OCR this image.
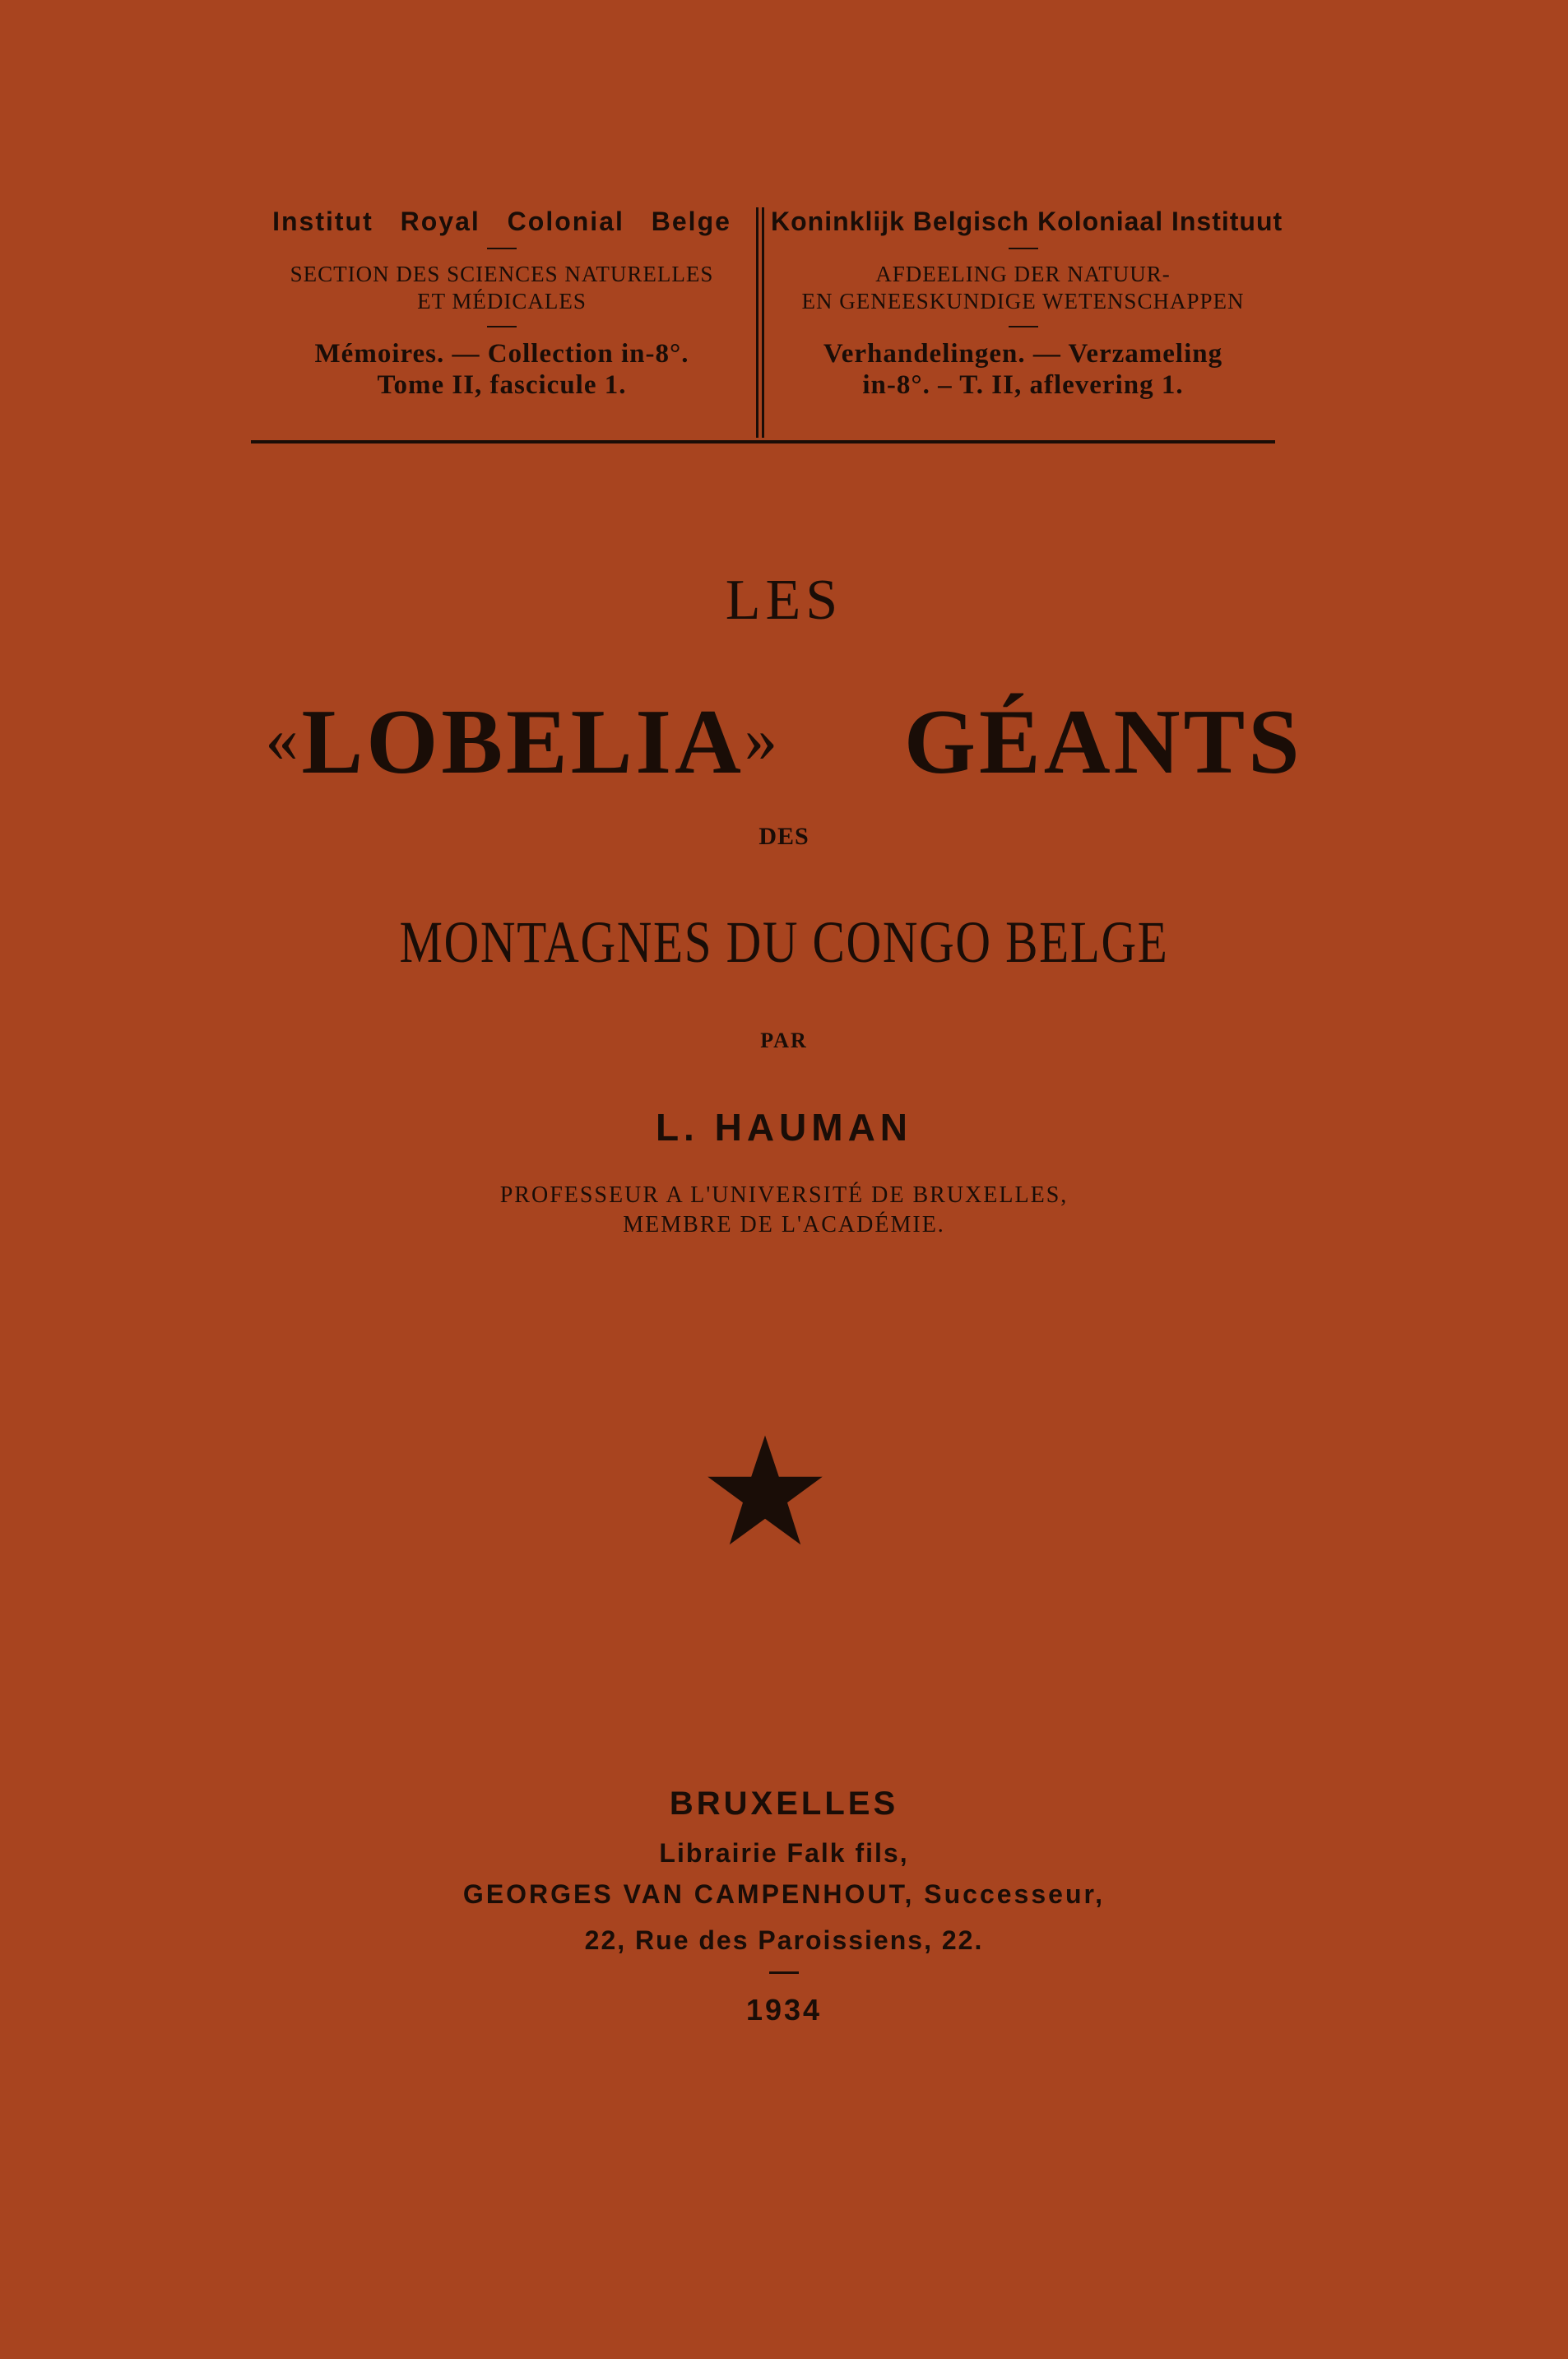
Institut Royal Colonial Belge
SECTION DES SCIENCES NATURELLES
ET MÉDICALES
Mémoires. — Collection in-8°.
Tome II, fascicule 1.
Koninklijk Belgisch Koloniaal Instituut
AFDEELING DER NATUUR-
EN GENEESKUNDIGE WETENSCHAPPEN
Verhandelingen. — Verzameling
in-8°. – T. II, aflevering 1.
LES
«LOBELIA» GÉANTS
DES
MONTAGNES DU CONGO BELGE
PAR
L. HAUMAN
PROFESSEUR A L'UNIVERSITÉ DE BRUXELLES,
MEMBRE DE L'ACADÉMIE.
BRUXELLES
Librairie Falk fils,
GEORGES VAN CAMPENHOUT, Successeur,
22, Rue des Paroissiens, 22.
1934
